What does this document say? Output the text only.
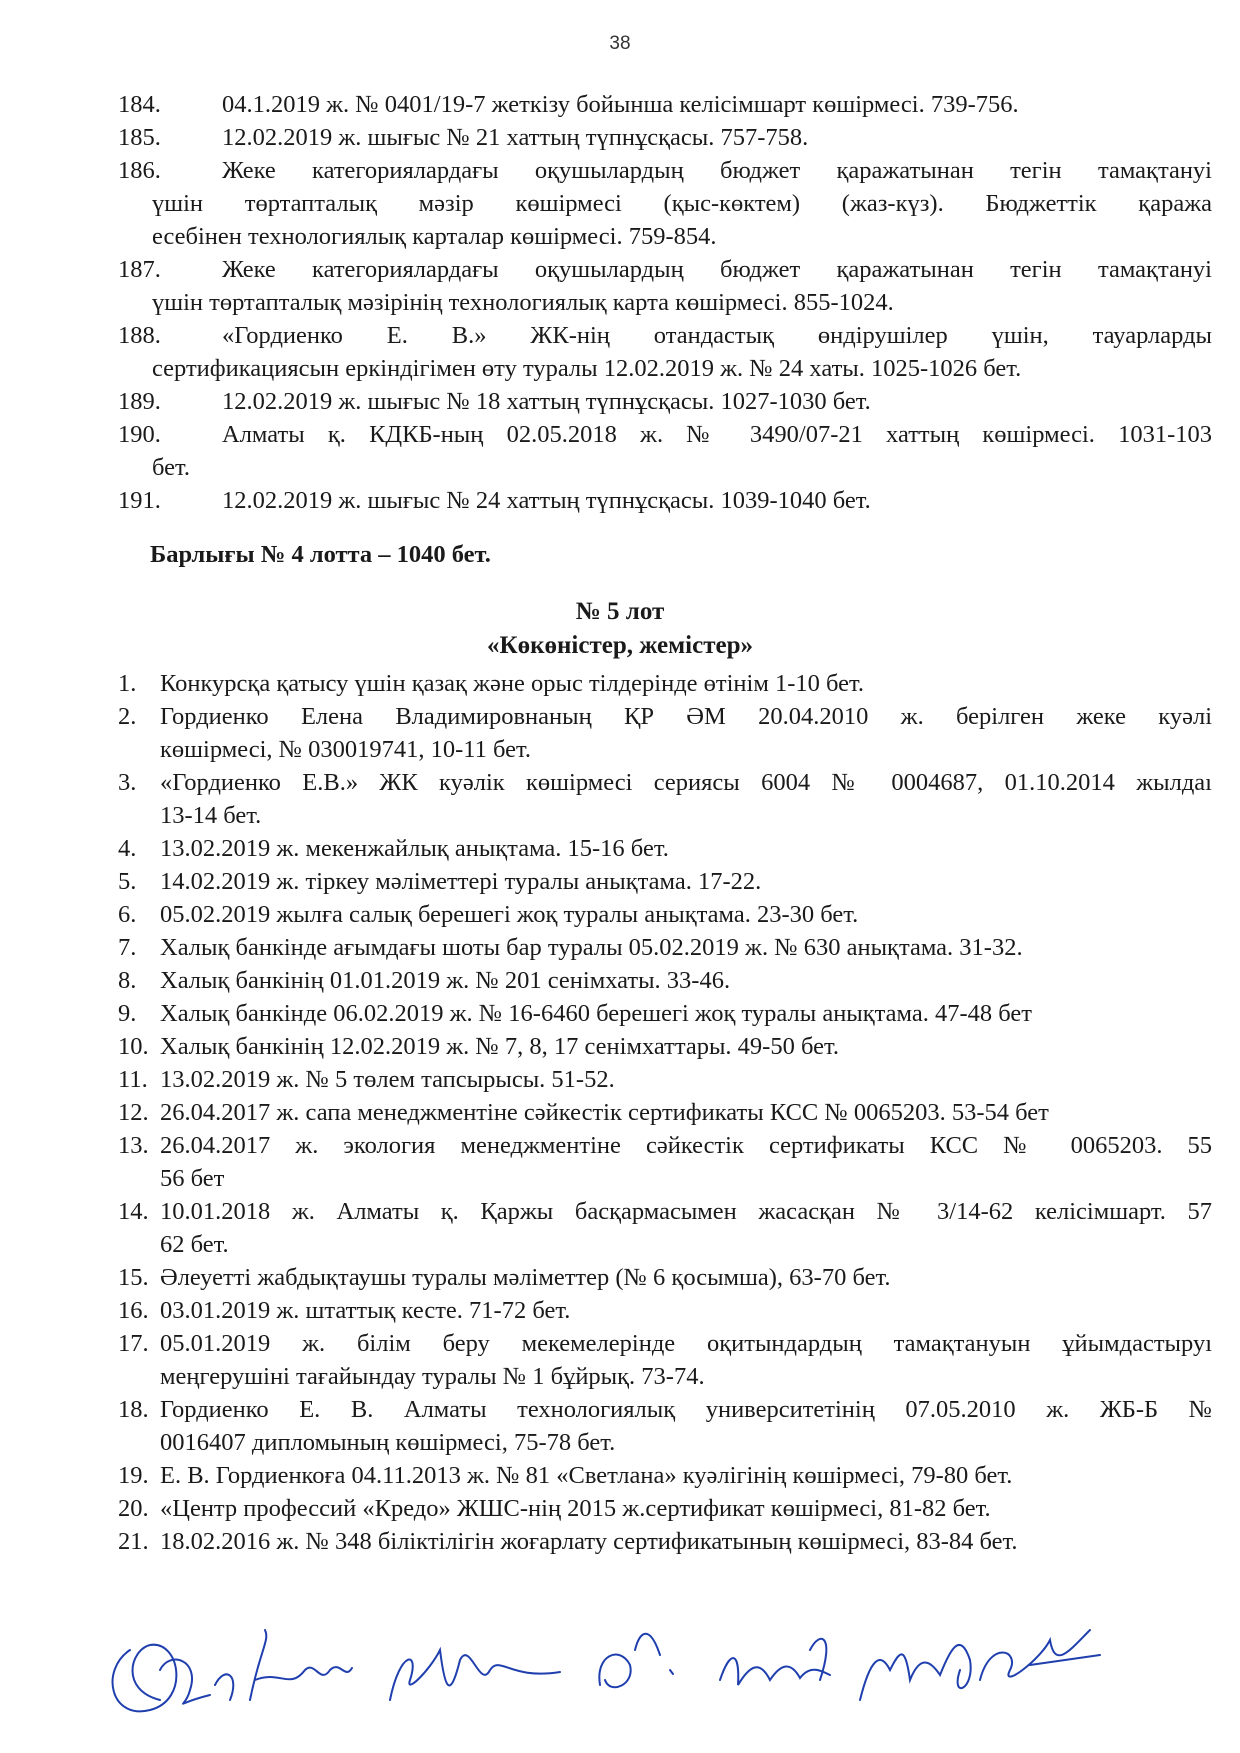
38
184. 04.1.2019 ж. № 0401/19-7 жеткізу бойынша келісімшарт көшірмесі. 739-756.
185. 12.02.2019 ж. шығыс № 21 хаттың түпнұсқасы. 757-758.
186. Жеке категориялардағы оқушылардың бюджет қаражатынан тегін тамақтануі
үшін төртапталық мәзір көшірмесі (қыс-көктем) (жаз-күз). Бюджеттік қаража
есебінен технологиялық карталар көшірмесі. 759-854.
187. Жеке категориялардағы оқушылардың бюджет қаражатынан тегін тамақтануі
үшін төртапталық мәзірінің технологиялық карта көшірмесі. 855-1024.
188. «Гордиенко Е. В.» ЖК-нің отандастық өндірушілер үшін, тауарларды
сертификациясын еркіндігімен өту туралы 12.02.2019 ж. № 24 хаты. 1025-1026 бет.
189. 12.02.2019 ж. шығыс № 18 хаттың түпнұсқасы. 1027-1030 бет.
190. Алматы қ. КДКБ-ның 02.05.2018 ж. № 3490/07-21 хаттың көшірмесі. 1031-103
бет.
191. 12.02.2019 ж. шығыс № 24 хаттың түпнұсқасы. 1039-1040 бет.
Барлығы № 4 лотта – 1040 бет.
№ 5 лот
«Көкөністер, жемістер»
1. Конкурсқа қатысу үшін қазақ және орыс тілдерінде өтінім 1-10 бет.
2. Гордиенко Елена Владимировнаның ҚР ӘМ 20.04.2010 ж. берілген жеке куәлі
көшірмесі, № 030019741, 10-11 бет.
3. «Гордиенко Е.В.» ЖК куәлік көшірмесі сериясы 6004 № 0004687, 01.10.2014 жылдаı
13-14 бет.
4. 13.02.2019 ж. мекенжайлық анықтама. 15-16 бет.
5. 14.02.2019 ж. тіркеу мәліметтері туралы анықтама. 17-22.
6. 05.02.2019 жылға салық берешегі жоқ туралы анықтама. 23-30 бет.
7. Халық банкінде ағымдағы шоты бар туралы 05.02.2019 ж. № 630 анықтама. 31-32.
8. Халық банкінің 01.01.2019 ж. № 201 сенімхаты. 33-46.
9. Халық банкінде 06.02.2019 ж. № 16-6460 берешегі жоқ туралы анықтама. 47-48 бет
10. Халық банкінің 12.02.2019 ж. № 7, 8, 17 сенімхаттары. 49-50 бет.
11. 13.02.2019 ж. № 5 төлем тапсырысы. 51-52.
12. 26.04.2017 ж. сапа менеджментіне сәйкестік сертификаты КСС № 0065203. 53-54 бет
13. 26.04.2017 ж. экология менеджментіне сәйкестік сертификаты КСС № 0065203. 55
56 бет
14. 10.01.2018 ж. Алматы қ. Қаржы басқармасымен жасасқан № 3/14-62 келісімшарт. 57
62 бет.
15. Әлеуетті жабдықтаушы туралы мәліметтер (№ 6 қосымша), 63-70 бет.
16. 03.01.2019 ж. штаттық кесте. 71-72 бет.
17. 05.01.2019 ж. білім беру мекемелерінде оқитындардың тамақтануын ұйымдастыруı
меңгерушіні тағайындау туралы № 1 бұйрық. 73-74.
18. Гордиенко Е. В. Алматы технологиялық университетінің 07.05.2010 ж. ЖБ-Б №
0016407 дипломының көшірмесі, 75-78 бет.
19. Е. В. Гордиенкоға 04.11.2013 ж. № 81 «Светлана» куәлігінің көшірмесі, 79-80 бет.
20. «Центр профессий «Кредо» ЖШС-нің 2015 ж.сертификат көшірмесі, 81-82 бет.
21. 18.02.2016 ж. № 348 біліктілігін жоғарлату сертификатының көшірмесі, 83-84 бет.
